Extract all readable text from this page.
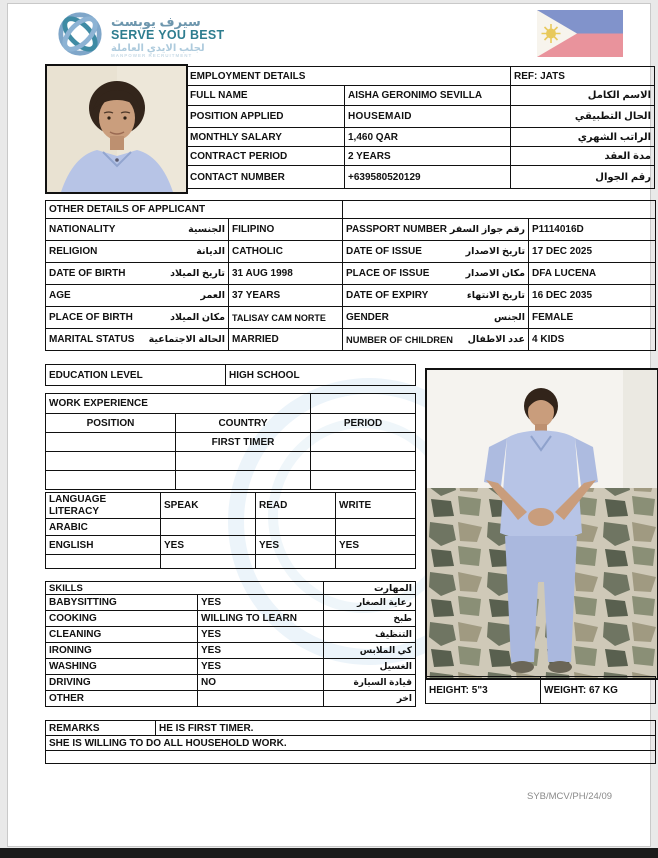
سيرف يوبست
SERVE YOU BEST
لجلب الايدي العاملة
MANPOWER RECRUITMENT
EMPLOYMENT DETAILS		REF: JATS
FULL NAME	AISHA GERONIMO SEVILLA	الاسم الكامل
POSITION APPLIED	HOUSEMAID	الحال التطبيقي
MONTHLY SALARY	1,460 QAR	الراتب الشهري
CONTRACT PERIOD	2 YEARS	مدة العقد
CONTACT NUMBER	+639580520129	رقم الجوال
OTHER DETAILS OF APPLICANT			

NATIONALITY الجنسية	FILIPINO	PASSPORT NUMBER رقم جواز السفر	P1114016D

RELIGION الديانة	CATHOLIC	DATE OF ISSUE تاريخ الاصدار	17 DEC 2025

DATE OF BIRTH تاريخ الميلاد	31 AUG 1998	PLACE OF ISSUE مكان الاصدار	DFA LUCENA

AGE العمر	37 YEARS	DATE OF EXPIRY تاريخ الانتهاء	16 DEC 2035

PLACE OF BIRTH مكان الميلاد	TALISAY CAM NORTE	GENDER الجنس	FEMALE

MARITAL STATUS الحالة الاجتماعية	MARRIED	NUMBER OF CHILDREN عدد الاطفال	4 KIDS
EDUCATION LEVEL	HIGH SCHOOL
WORK EXPERIENCE		
POSITION	COUNTRY	PERIOD
	FIRST TIMER	

LANGUAGE LITERACY	SPEAK	READ	WRITE
ARABIC			
ENGLISH	YES	YES	YES

SKILLS		المهارت
BABYSITTING	YES	رعاية الصغار
COOKING	WILLING TO LEARN	طبخ
CLEANING	YES	التنظيف
IRONING	YES	كي الملابس
WASHING	YES	الغسيل
DRIVING	NO	قيادة السيارة
OTHER		اخر
HEIGHT: 5"3	WEIGHT: 67 KG
REMARKS	HE IS FIRST TIMER.
SHE IS WILLING TO DO ALL HOUSEHOLD WORK.

SYB/MCV/PH/24/09
